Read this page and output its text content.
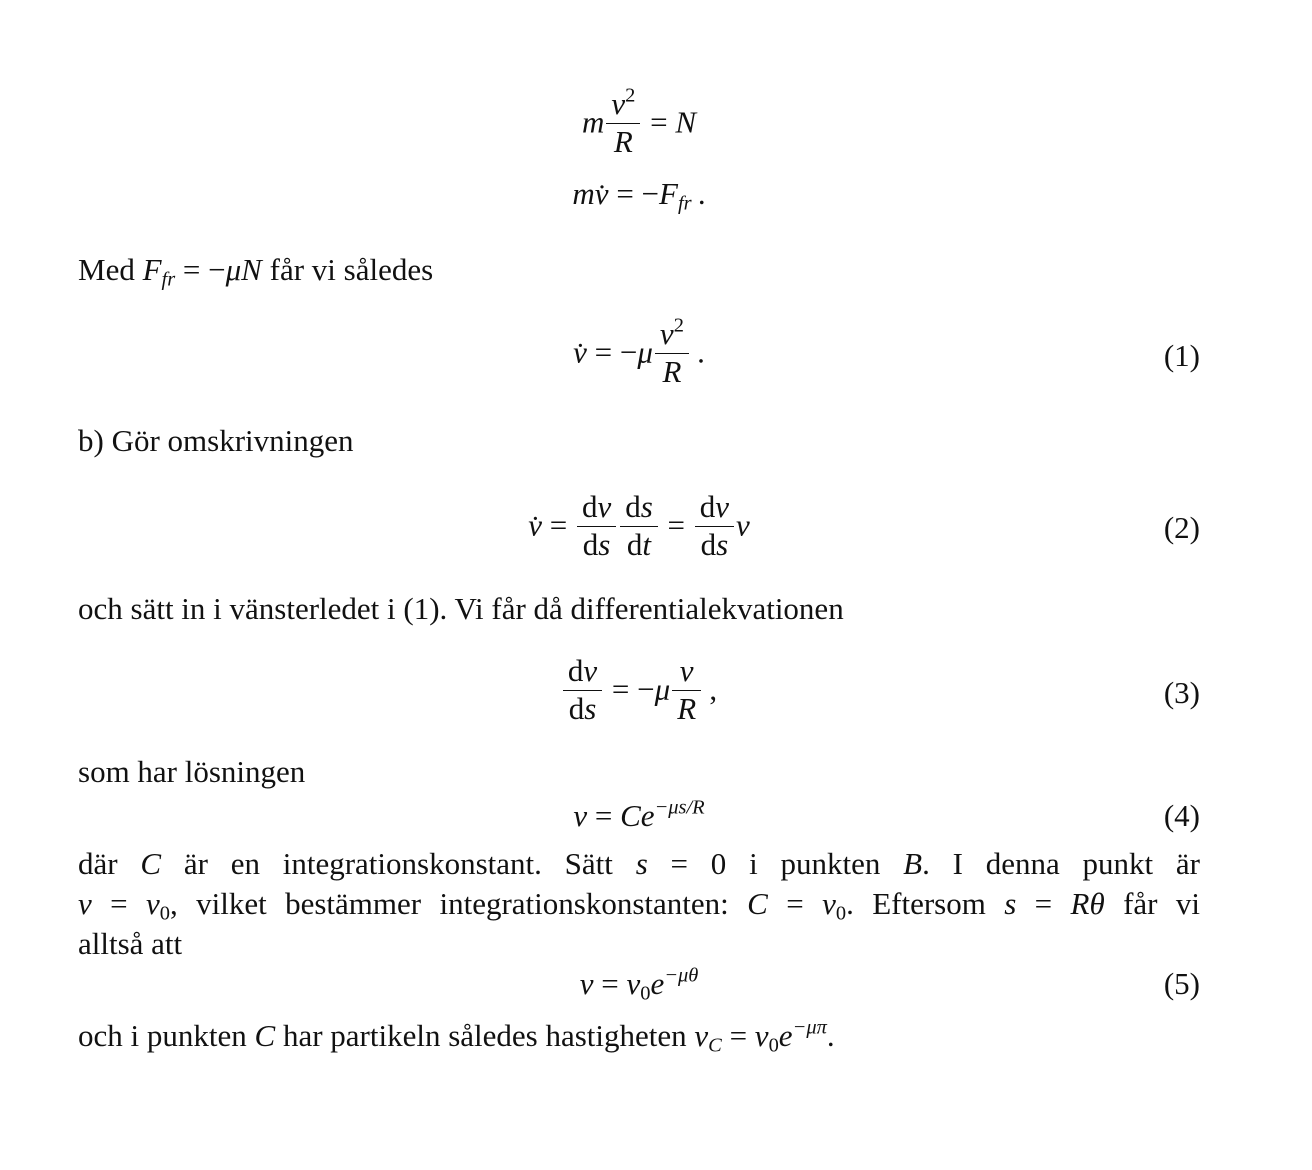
m $\frac{v^2}{R} = N$
mv̇ = −Ffr .

Med Ffr = −μN får vi således

v̇ = $-\mu \frac{v^2}{R}$  .	(1)

b) Gör omskrivningen

v̇ = $\frac{dv}{ds} \frac{ds}{dt} = \frac{dv}{ds}$ v	(2)

och sätt in i vänsterledet i (1). Vi får då differentialekvationen

$\frac{dv}{ds} = -\mu \frac{v}{R}$  ,	(3)

som har lösningen

$v = Ce^{-\mu s/R}$	(4)
där C är en integrationskonstant. Sätt s = 0 i punkten B. I denna punkt är
v = v0, vilket bestämmer integrationskonstanten: C = v0. Eftersom s = Rθ får vi
alltså att
$v = v0e^{-\mu\theta}$	(5)

och i punkten C har partikeln således hastigheten vC = $v0e^{-\mu\pi}$.
